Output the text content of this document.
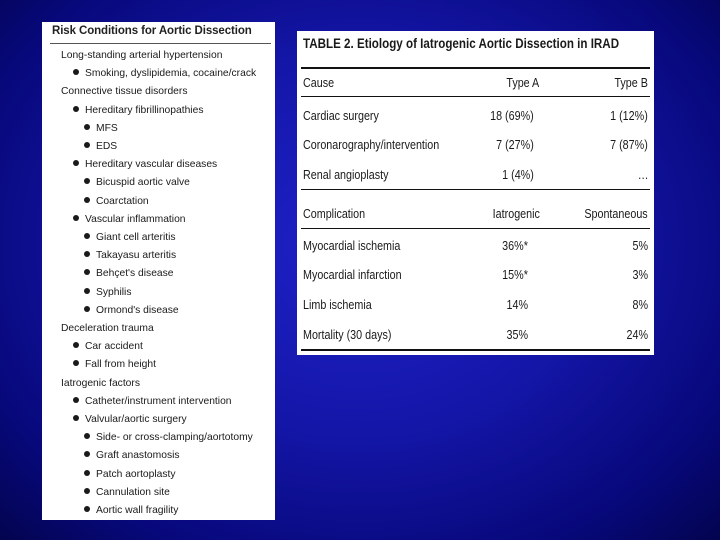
Risk Conditions for Aortic Dissection
Long-standing arterial hypertension
Smoking, dyslipidemia, cocaine/crack
Connective tissue disorders
Hereditary fibrillinopathies
MFS
EDS
Hereditary vascular diseases
Bicuspid aortic valve
Coarctation
Vascular inflammation
Giant cell arteritis
Takayasu arteritis
Behçet's disease
Syphilis
Ormond's disease
Deceleration trauma
Car accident
Fall from height
Iatrogenic factors
Catheter/instrument intervention
Valvular/aortic surgery
Side- or cross-clamping/aortotomy
Graft anastomosis
Patch aortoplasty
Cannulation site
Aortic wall fragility
TABLE 2. Etiology of Iatrogenic Aortic Dissection in IRAD
Cause	Type A	Type B
Cardiac surgery	18 (69%)	1 (12%)
Coronarography/intervention	7 (27%)	7 (87%)
Renal angioplasty	1 (4%)	…
Complication	Iatrogenic	Spontaneous
Myocardial ischemia	36%*	5%
Myocardial infarction	15%*	3%
Limb ischemia	14%	8%
Mortality (30 days)	35%	24%
